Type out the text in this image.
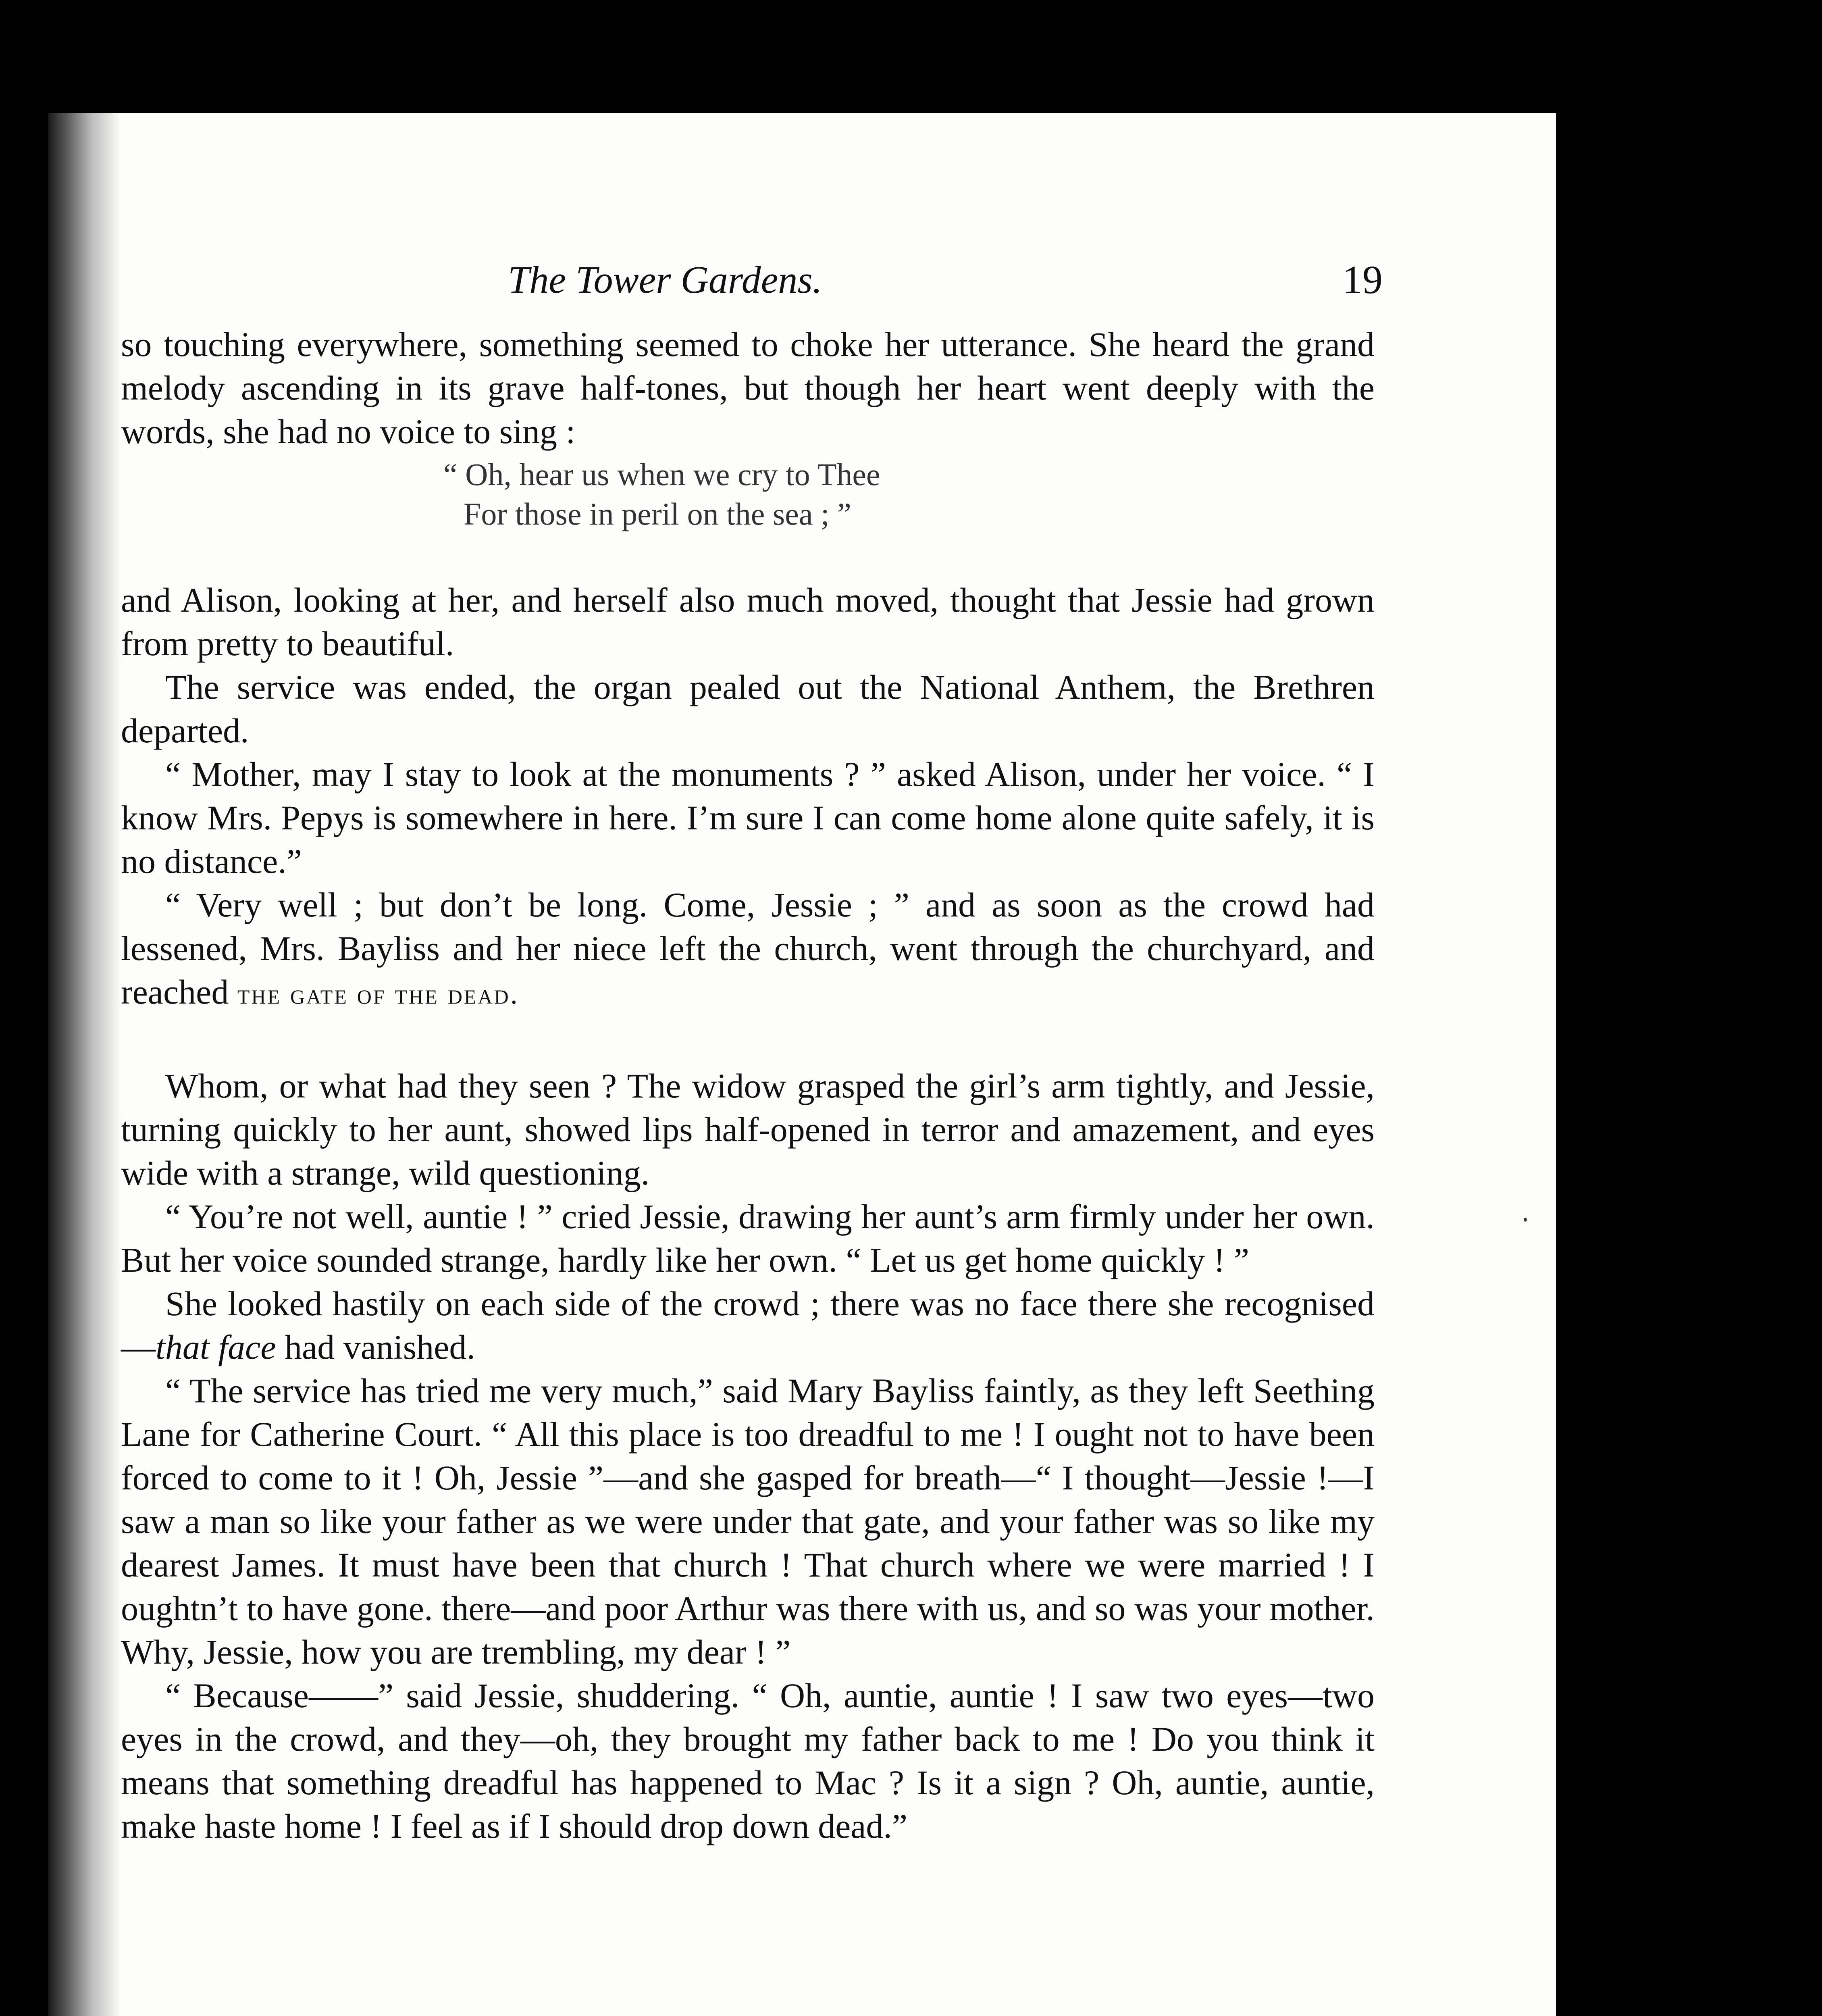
The Tower Gardens.	19

so touching everywhere, something seemed to choke her utterance. She heard the grand melody ascending in its grave half-tones, but though her heart went deeply with the words, she had no voice to sing :

“ Oh, hear us when we cry to Thee

For those in peril on the sea ; ”

and Alison, looking at her, and herself also much moved, thought that Jessie had grown from pretty to beautiful.

The service was ended, the organ pealed out the National Anthem, the Brethren departed.

“ Mother, may I stay to look at the monuments ? ” asked Alison, under her voice. “ I know Mrs. Pepys is somewhere in here. I’m sure I can come home alone quite safely, it is no distance.”

“ Very well ; but don’t be long. Come, Jessie ; ” and as soon as the crowd had lessened, Mrs. Bayliss and her niece left the church, went through the churchyard, and reached the gate of the dead.

Whom, or what had they seen ? The widow grasped the girl’s arm tightly, and Jessie, turning quickly to her aunt, showed lips half-opened in terror and amazement, and eyes wide with a strange, wild questioning.

“ You’re not well, auntie ! ” cried Jessie, drawing her aunt’s arm firmly under her own. But her voice sounded strange, hardly like her own. “ Let us get home quickly ! ”

She looked hastily on each side of the crowd ; there was no face there she recognised—that face had vanished.

“ The service has tried me very much,” said Mary Bayliss faintly, as they left Seething Lane for Catherine Court. “ All this place is too dreadful to me ! I ought not to have been forced to come to it ! Oh, Jessie ”—and she gasped for breath—“ I thought—Jessie !—I saw a man so like your father as we were under that gate, and your father was so like my dearest James. It must have been that church ! That church where we were married ! I oughtn’t to have gone. there—and poor Arthur was there with us, and so was your mother. Why, Jessie, how you are trembling, my dear ! ”

“ Because——” said Jessie, shuddering. “ Oh, auntie, auntie ! I saw two eyes—two eyes in the crowd, and they—oh, they brought my father back to me ! Do you think it means that something dreadful has happened to Mac ? Is it a sign ? Oh, auntie, auntie, make haste home ! I feel as if I should drop down dead.”
